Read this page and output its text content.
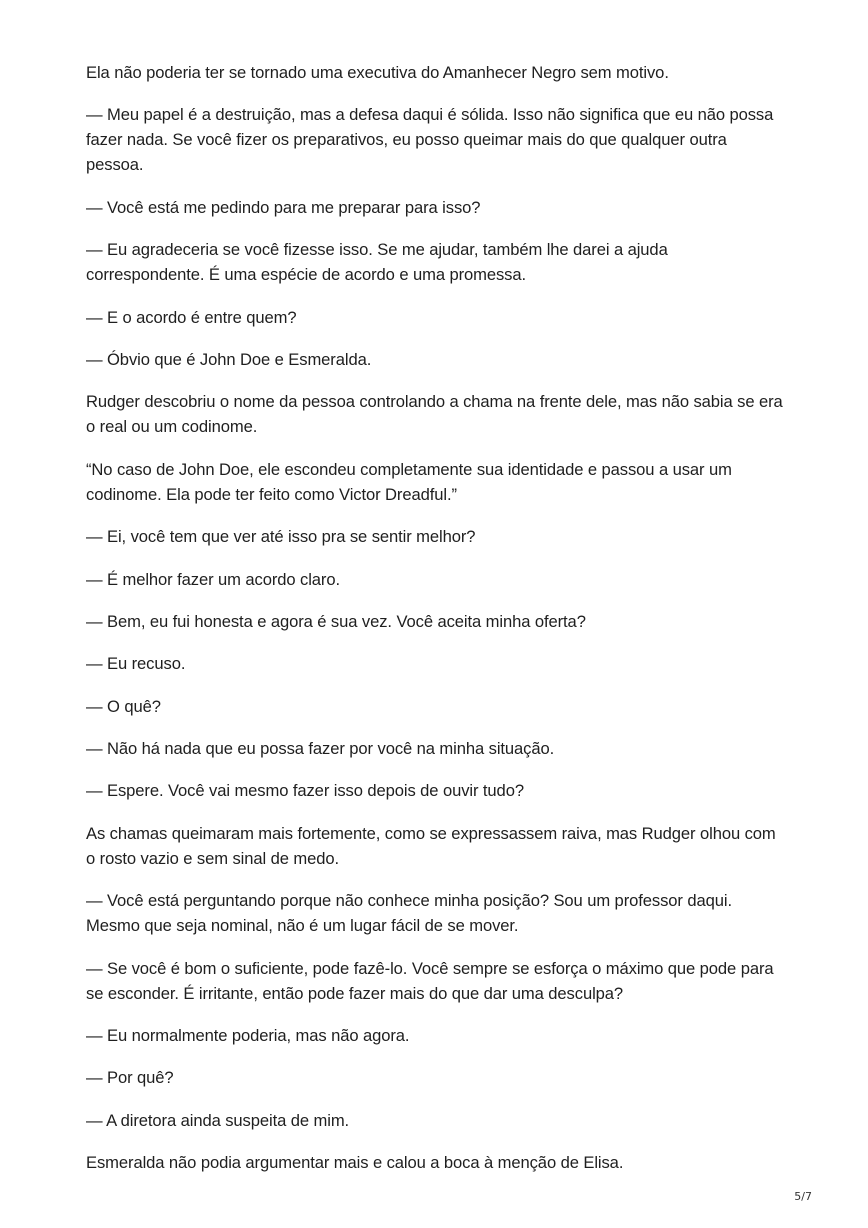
Ela não poderia ter se tornado uma executiva do Amanhecer Negro sem motivo.

— Meu papel é a destruição, mas a defesa daqui é sólida. Isso não significa que eu não possa fazer nada. Se você fizer os preparativos, eu posso queimar mais do que qualquer outra pessoa.

— Você está me pedindo para me preparar para isso?

— Eu agradeceria se você fizesse isso. Se me ajudar, também lhe darei a ajuda correspondente. É uma espécie de acordo e uma promessa.

— E o acordo é entre quem?

— Óbvio que é John Doe e Esmeralda.

Rudger descobriu o nome da pessoa controlando a chama na frente dele, mas não sabia se era o real ou um codinome.

“No caso de John Doe, ele escondeu completamente sua identidade e passou a usar um codinome. Ela pode ter feito como Victor Dreadful.”

— Ei, você tem que ver até isso pra se sentir melhor?

— É melhor fazer um acordo claro.

— Bem, eu fui honesta e agora é sua vez. Você aceita minha oferta?

— Eu recuso.

— O quê?

— Não há nada que eu possa fazer por você na minha situação.

— Espere. Você vai mesmo fazer isso depois de ouvir tudo?

As chamas queimaram mais fortemente, como se expressassem raiva, mas Rudger olhou com o rosto vazio e sem sinal de medo.

— Você está perguntando porque não conhece minha posição? Sou um professor daqui. Mesmo que seja nominal, não é um lugar fácil de se mover.

— Se você é bom o suficiente, pode fazê-lo. Você sempre se esforça o máximo que pode para se esconder. É irritante, então pode fazer mais do que dar uma desculpa?

— Eu normalmente poderia, mas não agora.

— Por quê?

— A diretora ainda suspeita de mim.

Esmeralda não podia argumentar mais e calou a boca à menção de Elisa.

5/7
